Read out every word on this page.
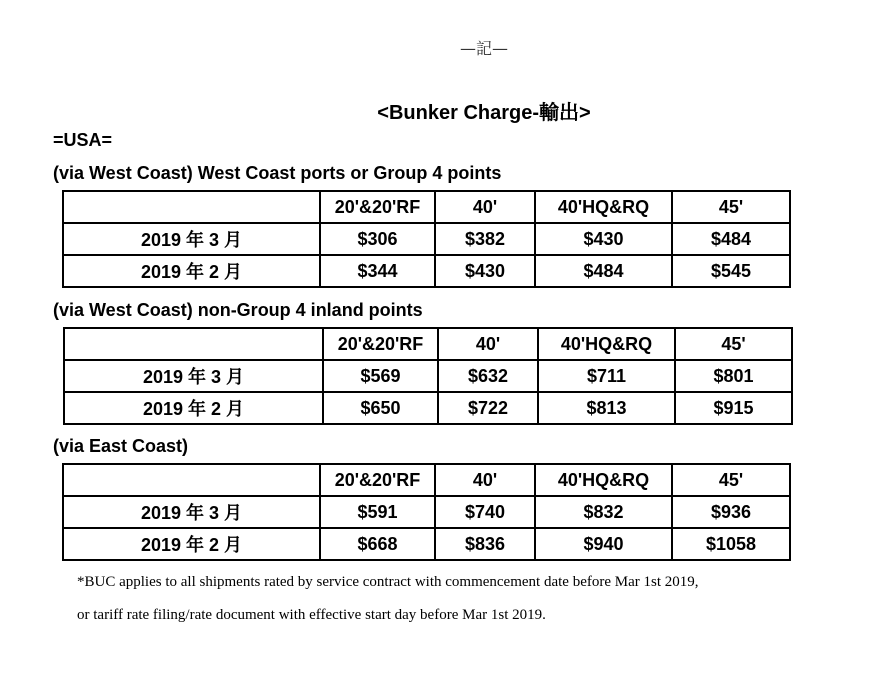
—記—
<Bunker Charge-輸出>
=USA=
(via West Coast) West Coast ports or Group 4 points
	20'&20'RF	40'	40'HQ&RQ	45'
2019 年 3 月	$306	$382	$430	$484
2019 年 2 月	$344	$430	$484	$545
(via West Coast) non-Group 4 inland points
	20'&20'RF	40'	40'HQ&RQ	45'
2019 年 3 月	$569	$632	$711	$801
2019 年 2 月	$650	$722	$813	$915
(via East Coast)
	20'&20'RF	40'	40'HQ&RQ	45'
2019 年 3 月	$591	$740	$832	$936
2019 年 2 月	$668	$836	$940	$1058
*BUC applies to all shipments rated by service contract with commencement date before Mar 1st 2019,
or tariff rate filing/rate document with effective start day before Mar 1st 2019.
